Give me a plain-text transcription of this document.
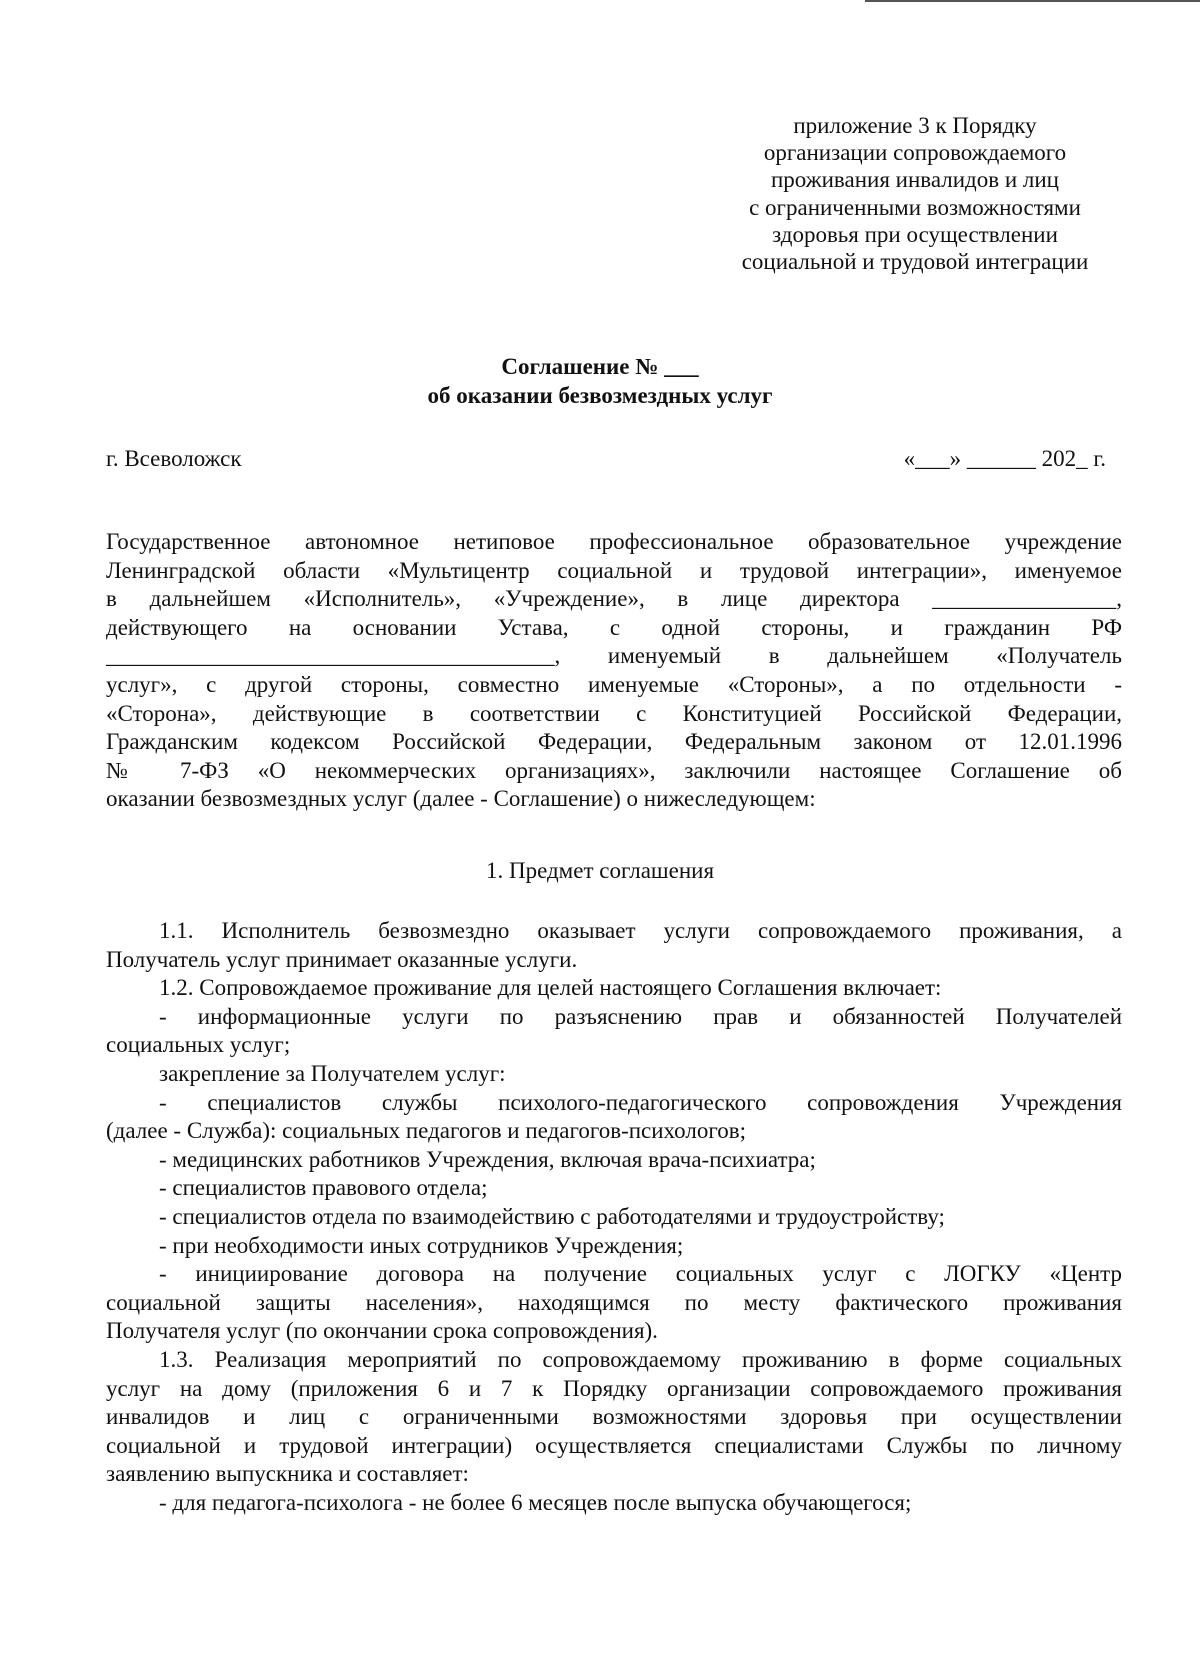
приложение 3 к Порядку
организации сопровождаемого
проживания инвалидов и лиц
с ограниченными возможностями
здоровья при осуществлении
социальной и трудовой интеграции
Соглашение № ___
об оказании безвозмездных услуг
г. Всеволожск	«___» ______ 202_ г.
Государственное автономное нетиповое профессиональное образовательное учреждение
Ленинградской области «Мультицентр социальной и трудовой интеграции», именуемое
в дальнейшем «Исполнитель», «Учреждение», в лице директора ________________,
действующего на основании Устава, с одной стороны, и гражданин РФ
_______________________________________, именуемый в дальнейшем «Получатель
услуг», с другой стороны, совместно именуемые «Стороны», а по отдельности -
«Сторона», действующие в соответствии с Конституцией Российской Федерации,
Гражданским кодексом Российской Федерации, Федеральным законом от 12.01.1996
№ 7-ФЗ «О некоммерческих организациях», заключили настоящее Соглашение об
оказании безвозмездных услуг (далее - Соглашение) о нижеследующем:
1. Предмет соглашения
1.1. Исполнитель безвозмездно оказывает услуги сопровождаемого проживания, а
Получатель услуг принимает оказанные услуги.
1.2. Сопровождаемое проживание для целей настоящего Соглашения включает:
- информационные услуги по разъяснению прав и обязанностей Получателей
социальных услуг;
закрепление за Получателем услуг:
- специалистов службы психолого-педагогического сопровождения Учреждения
(далее - Служба): социальных педагогов и педагогов-психологов;
- медицинских работников Учреждения, включая врача-психиатра;
- специалистов правового отдела;
- специалистов отдела по взаимодействию с работодателями и трудоустройству;
- при необходимости иных сотрудников Учреждения;
- инициирование договора на получение социальных услуг с ЛОГКУ «Центр
социальной защиты населения», находящимся по месту фактического проживания
Получателя услуг (по окончании срока сопровождения).
1.3. Реализация мероприятий по сопровождаемому проживанию в форме социальных
услуг на дому (приложения 6 и 7 к Порядку организации сопровождаемого проживания
инвалидов и лиц с ограниченными возможностями здоровья при осуществлении
социальной и трудовой интеграции) осуществляется специалистами Службы по личному
заявлению выпускника и составляет:
- для педагога-психолога - не более 6 месяцев после выпуска обучающегося;
